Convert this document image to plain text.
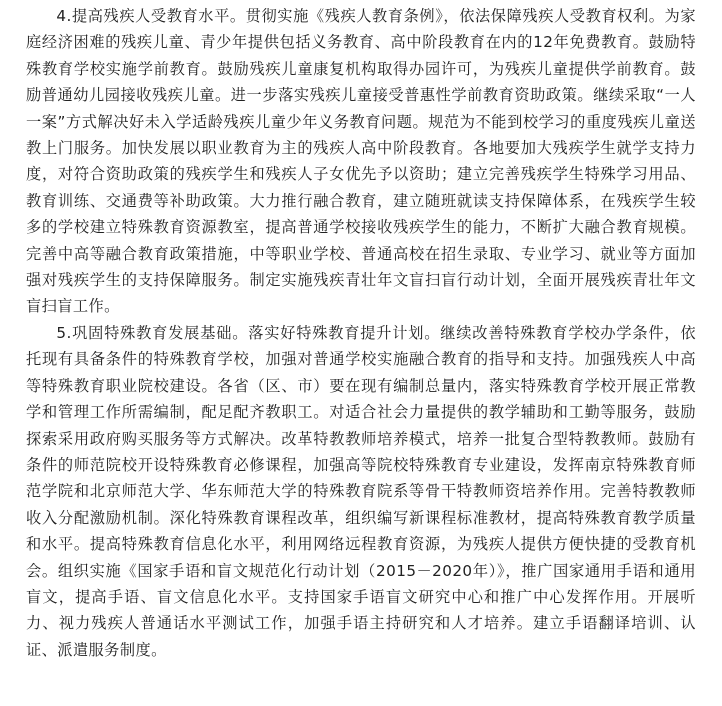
4.提高残疾人受教育水平。贯彻实施《残疾人教育条例》，依法保障残疾人受教育权利。为家庭经济困难的残疾儿童、青少年提供包括义务教育、高中阶段教育在内的12年免费教育。鼓励特殊教育学校实施学前教育。鼓励残疾儿童康复机构取得办园许可，为残疾儿童提供学前教育。鼓励普通幼儿园接收残疾儿童。进一步落实残疾儿童接受普惠性学前教育资助政策。继续采取“一人一案”方式解决好未入学适龄残疾儿童少年义务教育问题。规范为不能到校学习的重度残疾儿童送教上门服务。加快发展以职业教育为主的残疾人高中阶段教育。各地要加大残疾学生就学支持力度，对符合资助政策的残疾学生和残疾人子女优先予以资助；建立完善残疾学生特殊学习用品、教育训练、交通费等补助政策。大力推行融合教育，建立随班就读支持保障体系，在残疾学生较多的学校建立特殊教育资源教室，提高普通学校接收残疾学生的能力，不断扩大融合教育规模。完善中高等融合教育政策措施，中等职业学校、普通高校在招生录取、专业学习、就业等方面加强对残疾学生的支持保障服务。制定实施残疾青壮年文盲扫盲行动计划，全面开展残疾青壮年文盲扫盲工作。

5.巩固特殊教育发展基础。落实好特殊教育提升计划。继续改善特殊教育学校办学条件，依托现有具备条件的特殊教育学校，加强对普通学校实施融合教育的指导和支持。加强残疾人中高等特殊教育职业院校建设。各省（区、市）要在现有编制总量内，落实特殊教育学校开展正常教学和管理工作所需编制，配足配齐教职工。对适合社会力量提供的教学辅助和工勤等服务，鼓励探索采用政府购买服务等方式解决。改革特教教师培养模式，培养一批复合型特教教师。鼓励有条件的师范院校开设特殊教育必修课程，加强高等院校特殊教育专业建设，发挥南京特殊教育师范学院和北京师范大学、华东师范大学的特殊教育院系等骨干特教师资培养作用。完善特教教师收入分配激励机制。深化特殊教育课程改革，组织编写新课程标准教材，提高特殊教育教学质量和水平。提高特殊教育信息化水平，利用网络远程教育资源，为残疾人提供方便快捷的受教育机会。组织实施《国家手语和盲文规范化行动计划（2015－2020年）》，推广国家通用手语和通用盲文，提高手语、盲文信息化水平。支持国家手语盲文研究中心和推广中心发挥作用。开展听力、视力残疾人普通话水平测试工作，加强手语主持研究和人才培养。建立手语翻译培训、认证、派遣服务制度。
